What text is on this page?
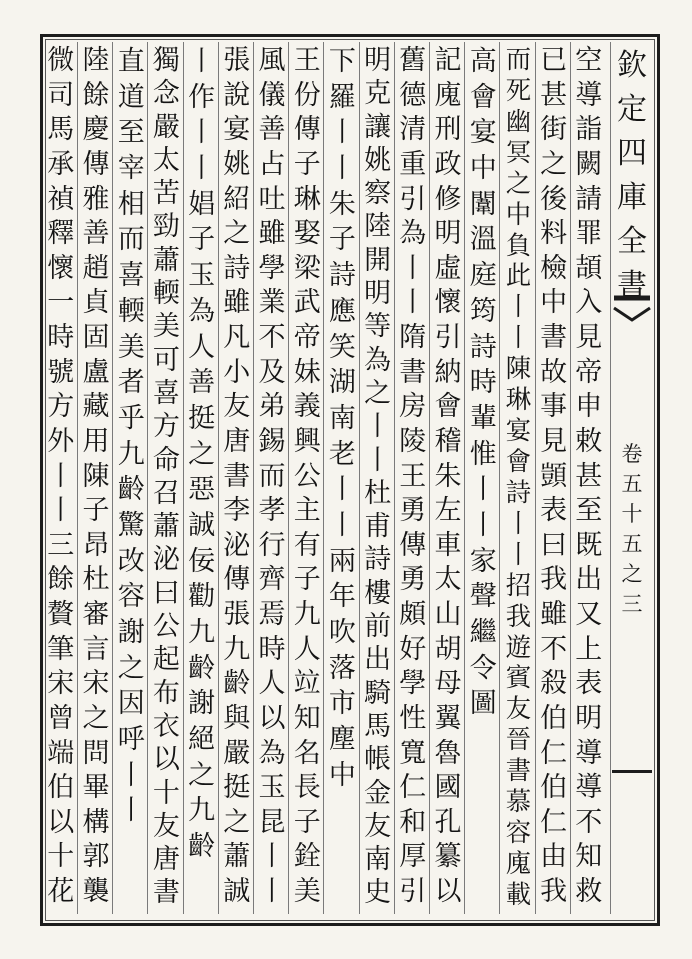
欽
定
四
庫
全
書
卷
五
十
五
之
三
空
導
詣
闕
請
罪
頡
入
見
帝
申
敕
甚
至
既
出
又
上
表
明
導
導
不
知
救
已
甚
街
之
後
料
檢
中
書
故
事
見
顗
表
曰
我
雖
不
殺
伯
仁
伯
仁
由
我
而
死
幽
冥
之
中
負
此
丨
丨
陳
琳
宴
會
詩
丨
丨
招
我
遊
賓
友
晉
書
慕
容
廆
載
高
會
宴
中
闈
溫
庭
筠
詩
時
輩
惟
丨
丨
家
聲
繼
令
圖
記
廆
刑
政
修
明
虛
懷
引
納
會
稽
朱
左
車
太
山
胡
母
翼
魯
國
孔
纂
以
舊
德
清
重
引
為
丨
丨
隋
書
房
陵
王
勇
傳
勇
頗
好
學
性
寬
仁
和
厚
引
明
克
讓
姚
察
陸
開
明
等
為
之
丨
丨
杜
甫
詩
樓
前
出
騎
馬
帳
金
友
南
史
下
羅
丨
丨
朱
子
詩
應
笑
湖
南
老
丨
丨
兩
年
吹
落
市
塵
中
王
份
傳
子
琳
娶
梁
武
帝
妹
義
興
公
主
有
子
九
人
竝
知
名
長
子
銓
美
風
儀
善
占
吐
雖
學
業
不
及
弟
錫
而
孝
行
齊
焉
時
人
以
為
玉
昆
丨
丨
張
說
宴
姚
紹
之
詩
雖
凡
小
友
唐
書
李
泌
傳
張
九
齡
與
嚴
挺
之
蕭
誠
丨
作
丨
丨
娼
子
玉
為
人
善
挺
之
惡
誠
佞
勸
九
齡
謝
絕
之
九
齡
獨
念
嚴
太
苦
勁
蕭
輭
美
可
喜
方
命
召
蕭
泌
曰
公
起
布
衣
以
十
友
唐
書
直
道
至
宰
相
而
喜
輭
美
者
乎
九
齡
驚
改
容
謝
之
因
呼
丨
丨
陸
餘
慶
傳
雅
善
趙
貞
固
盧
藏
用
陳
子
昂
杜
審
言
宋
之
問
畢
構
郭
襲
微
司
馬
承
禎
釋
懷
一
時
號
方
外
丨
丨
三
餘
贅
筆
宋
曾
端
伯
以
十
花
